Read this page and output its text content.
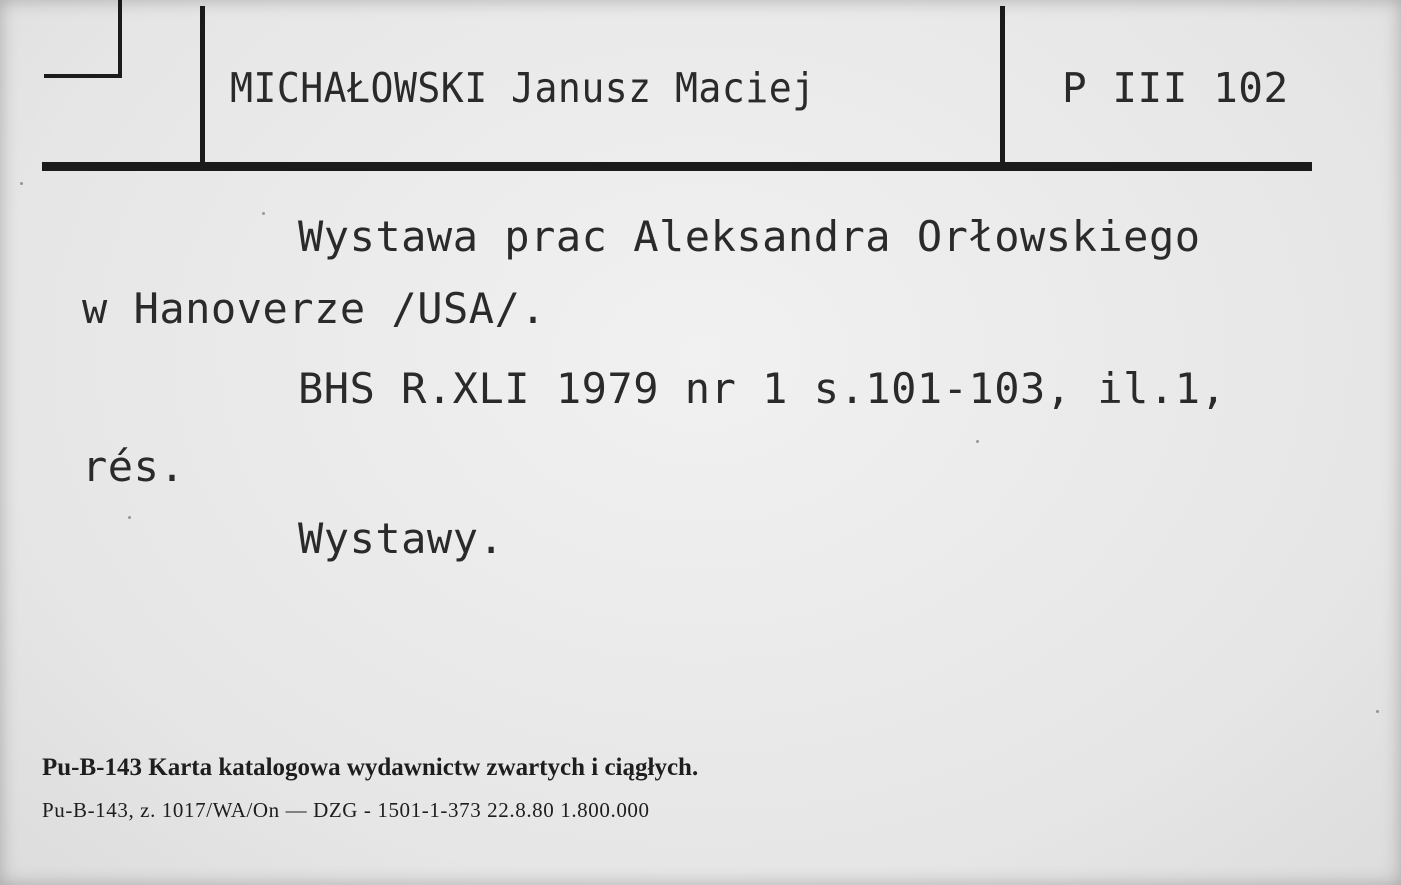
MICHAŁOWSKI Janusz Maciej	P III 102
Wystawa prac Aleksandra Orłowskiego
w Hanoverze /USA/.
BHS R.XLI 1979 nr 1 s.101-103, il.1,
rés.
Wystawy.
Pu-B-143 Karta katalogowa wydawnictw zwartych i ciągłych.
Pu-B-143, z. 1017/WA/On — DZG - 1501-1-373 22.8.80 1.800.000
